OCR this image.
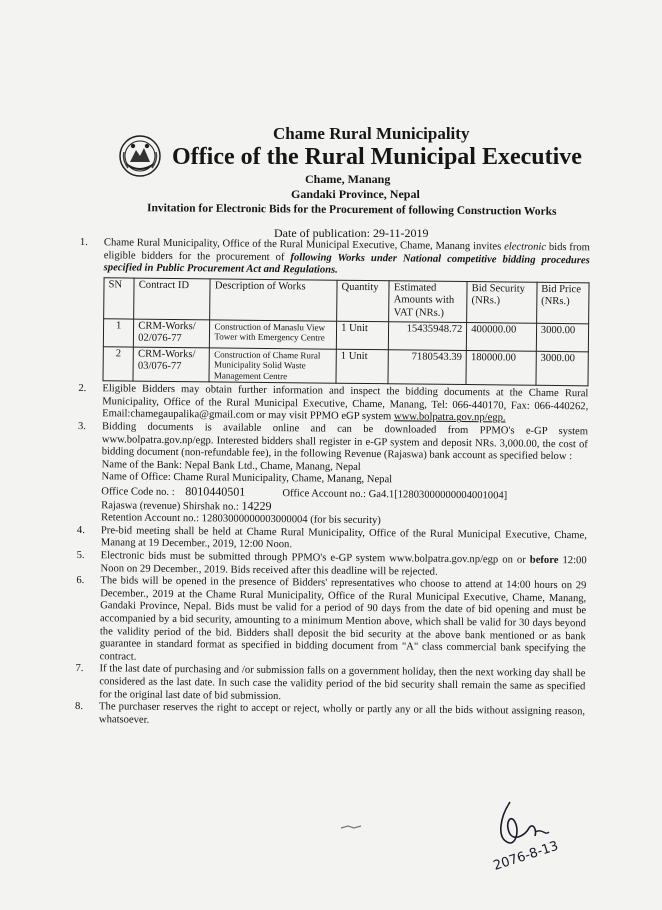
Chame Rural Municipality
Office of the Rural Municipal Executive
Chame, Manang
Gandaki Province, Nepal
Invitation for Electronic Bids for the Procurement of following Construction Works
Date of publication: 29-11-2019
1. Chame Rural Municipality, Office of the Rural Municipal Executive, Chame, Manang invites electronic bids from eligible bidders for the procurement of following Works under National competitive bidding procedures specified in Public Procurement Act and Regulations.
SN	Contract ID	Description of Works	Quantity	Estimated Amounts with VAT (NRs.)	Bid Security (NRs.)	Bid Price (NRs.)
1	CRM-Works/ 02/076-77	Construction of Manaslu View Tower with Emergency Centre	1 Unit	15435948.72	400000.00	3000.00
2	CRM-Works/ 03/076-77	Construction of Chame Rural Municipality Solid Waste Management Centre	1 Unit	7180543.39	180000.00	3000.00
2. Eligible Bidders may obtain further information and inspect the bidding documents at the Chame Rural Municipality, Office of the Rural Municipal Executive, Chame, Manang, Tel: 066-440170, Fax: 066-440262, Email:chamegaupalika@gmail.com or may visit PPMO eGP system www.bolpatra.gov.np/egp.
3. Bidding documents is available online and can be downloaded from PPMO's e-GP system www.bolpatra.gov.np/egp. Interested bidders shall register in e-GP system and deposit NRs. 3,000.00, the cost of bidding document (non-refundable fee), in the following Revenue (Rajaswa) bank account as specified below :
Name of the Bank: Nepal Bank Ltd., Chame, Manang, Nepal
Name of Office: Chame Rural Municipality, Chame, Manang, Nepal
Office Code no. : 8010440501	Office Account no.: Ga4.1[12803000000004001004]
Rajaswa (revenue) Shirshak no.: 14229
Retention Account no.: 12803000000003000004 (for bis security)
4. Pre-bid meeting shall be held at Chame Rural Municipality, Office of the Rural Municipal Executive, Chame, Manang at 19 December., 2019, 12:00 Noon.
5. Electronic bids must be submitted through PPMO's e-GP system www.bolpatra.gov.np/egp on or before 12:00 Noon on 29 December., 2019. Bids received after this deadline will be rejected.
6. The bids will be opened in the presence of Bidders' representatives who choose to attend at 14:00 hours on 29 December., 2019 at the Chame Rural Municipality, Office of the Rural Municipal Executive, Chame, Manang, Gandaki Province, Nepal. Bids must be valid for a period of 90 days from the date of bid opening and must be accompanied by a bid security, amounting to a minimum Mention above, which shall be valid for 30 days beyond the validity period of the bid. Bidders shall deposit the bid security at the above bank mentioned or as bank guarantee in standard format as specified in bidding document from "A" class commercial bank specifying the contract.
7. If the last date of purchasing and /or submission falls on a government holiday, then the next working day shall be considered as the last date. In such case the validity period of the bid security shall remain the same as specified for the original last date of bid submission.
8. The purchaser reserves the right to accept or reject, wholly or partly any or all the bids without assigning reason, whatsoever.
2076-8-13
